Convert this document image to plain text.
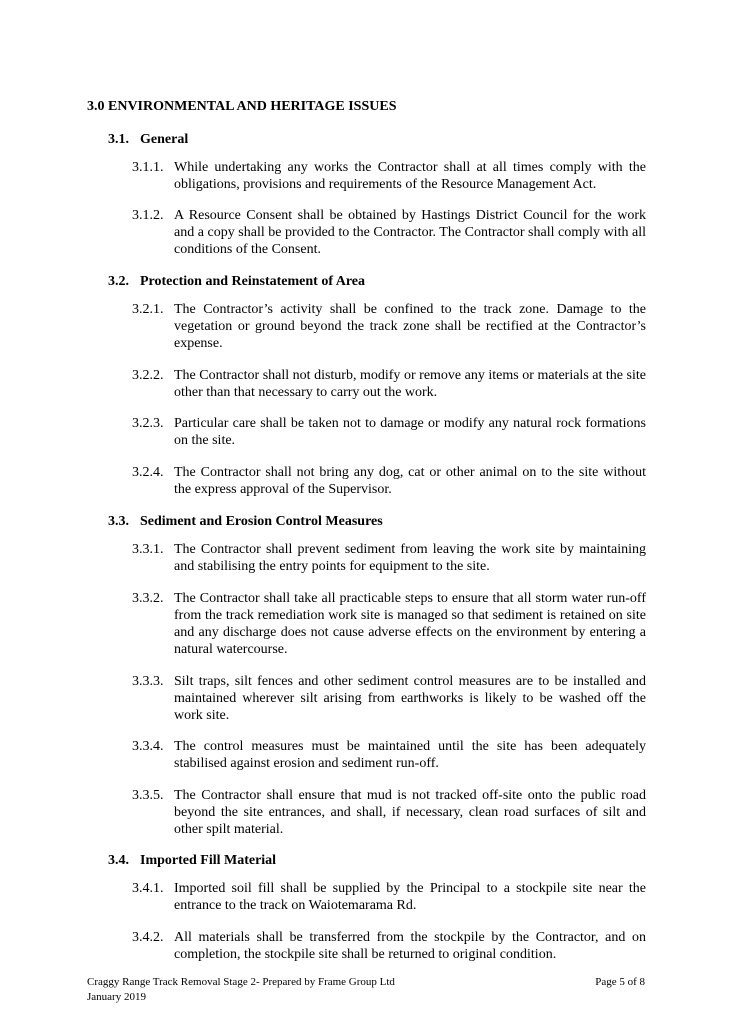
3.0 ENVIRONMENTAL AND HERITAGE ISSUES
3.1. General
3.1.1. While undertaking any works the Contractor shall at all times comply with the obligations, provisions and requirements of the Resource Management Act.
3.1.2. A Resource Consent shall be obtained by Hastings District Council for the work and a copy shall be provided to the Contractor. The Contractor shall comply with all conditions of the Consent.
3.2. Protection and Reinstatement of Area
3.2.1. The Contractor’s activity shall be confined to the track zone. Damage to the vegetation or ground beyond the track zone shall be rectified at the Contractor’s expense.
3.2.2. The Contractor shall not disturb, modify or remove any items or materials at the site other than that necessary to carry out the work.
3.2.3. Particular care shall be taken not to damage or modify any natural rock formations on the site.
3.2.4. The Contractor shall not bring any dog, cat or other animal on to the site without the express approval of the Supervisor.
3.3. Sediment and Erosion Control Measures
3.3.1. The Contractor shall prevent sediment from leaving the work site by maintaining and stabilising the entry points for equipment to the site.
3.3.2. The Contractor shall take all practicable steps to ensure that all storm water run-off from the track remediation work site is managed so that sediment is retained on site and any discharge does not cause adverse effects on the environment by entering a natural watercourse.
3.3.3. Silt traps, silt fences and other sediment control measures are to be installed and maintained wherever silt arising from earthworks is likely to be washed off the work site.
3.3.4. The control measures must be maintained until the site has been adequately stabilised against erosion and sediment run-off.
3.3.5. The Contractor shall ensure that mud is not tracked off-site onto the public road beyond the site entrances, and shall, if necessary, clean road surfaces of silt and other spilt material.
3.4. Imported Fill Material
3.4.1. Imported soil fill shall be supplied by the Principal to a stockpile site near the entrance to the track on Waiotemarama Rd.
3.4.2. All materials shall be transferred from the stockpile by the Contractor, and on completion, the stockpile site shall be returned to original condition.
Craggy Range Track Removal Stage 2- Prepared by Frame Group Ltd
January 2019
Page 5 of 8
